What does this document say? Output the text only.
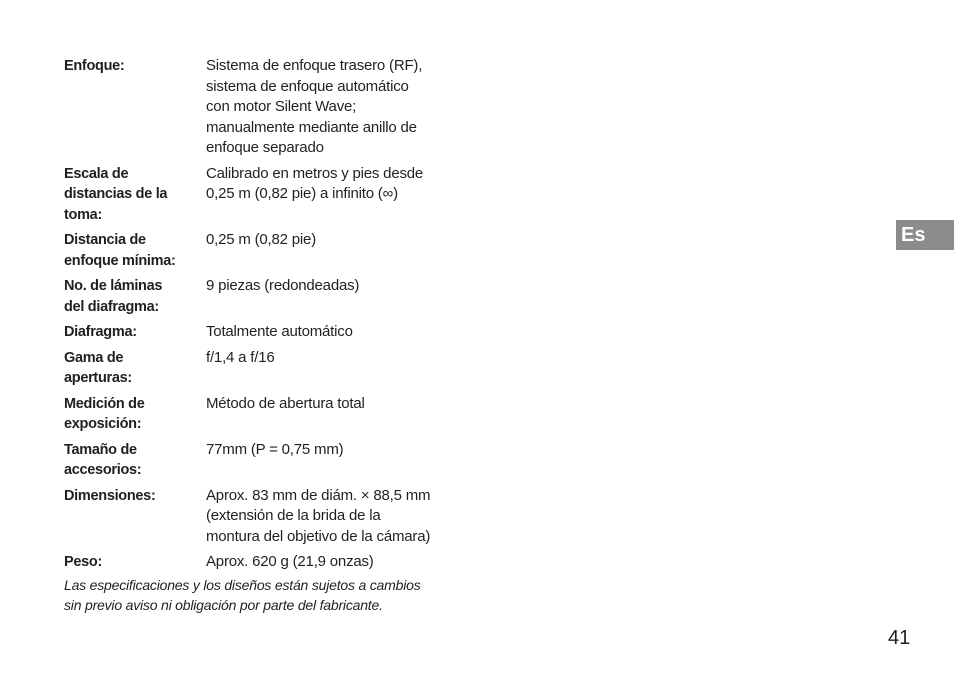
Enfoque:	Sistema de enfoque trasero (RF),
sistema de enfoque automático
con motor Silent Wave;
manualmente mediante anillo de
enfoque separado
Escala de
distancias de la
toma:
Calibrado en metros y pies desde
0,25 m (0,82 pie) a infinito (∞)
Distancia de
enfoque mínima:
0,25 m (0,82 pie)
No. de láminas
del diafragma:
9 piezas (redondeadas)
Diafragma:	Totalmente automático
Gama de
aperturas:
f/1,4 a f/16
Medición de
exposición:
Método de abertura total
Tamaño de
accesorios:
77mm (P = 0,75 mm)
Dimensiones:	Aprox. 83 mm de diám. × 88,5 mm
(extensión de la brida de la
montura del objetivo de la cámara)
Peso:	Aprox. 620 g (21,9 onzas)
Las especificaciones y los diseños están sujetos a cambios
sin previo aviso ni obligación por parte del fabricante.
Es
41
